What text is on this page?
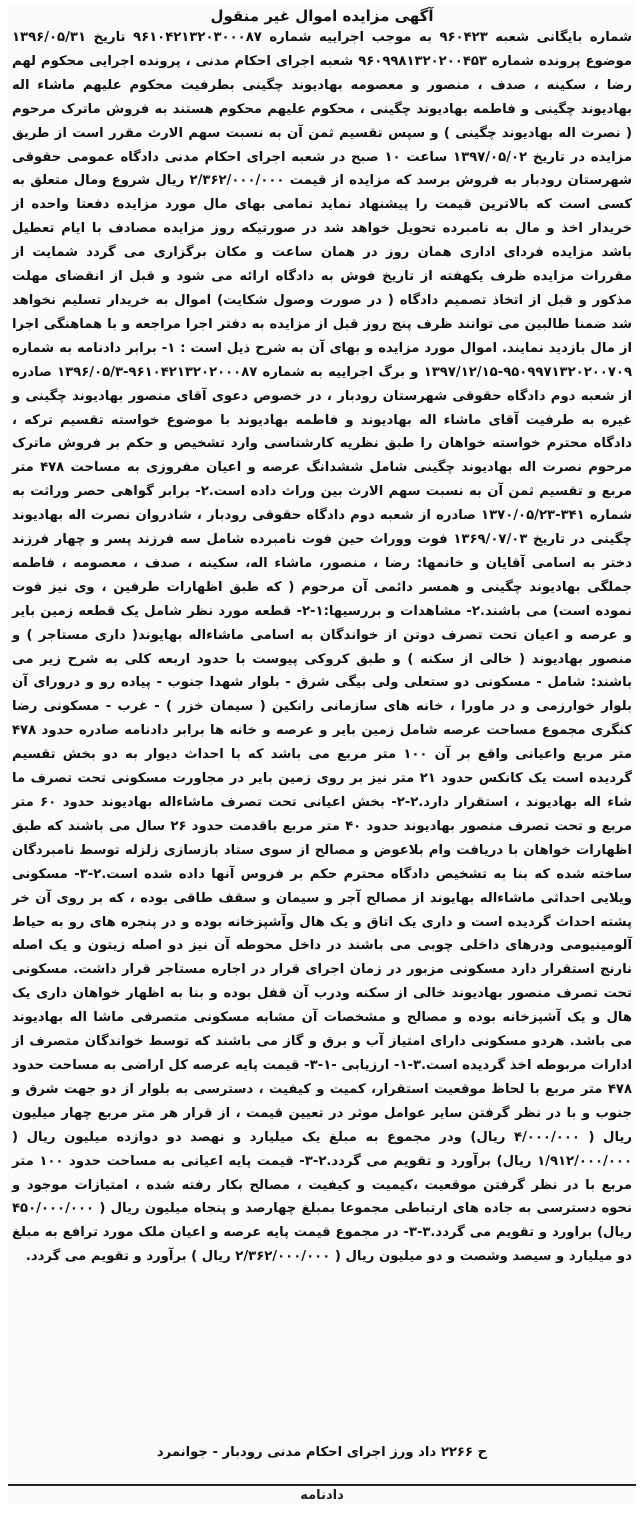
آگهی مزایده اموال غیر منقول
شماره بایگانی شعبه ۹۶۰۴۲۳ به موجب اجراییه شماره ۹۶۱۰۴۲۱۳۲۰۳۰۰۰۸۷ تاریخ ۱۳۹۶/۰۵/۳۱ موضوع پرونده شماره ۹۶۰۹۹۸۱۳۲۰۲۰۰۴۵۳ شعبه اجرای احکام مدنی ، پرونده اجرایی محکوم لهم رضا ، سکینه ، صدف ، منصور و معصومه بهادیوند چگینی بطرفیت محکوم علیهم ماشاء اله بهادیوند چگینی و فاطمه بهادیوند چگینی ، محکوم علیهم محکوم هستند به فروش ماترک مرحوم ( نصرت اله بهادیوند چگینی ) و سپس تقسیم ثمن آن به نسبت سهم الارث مقرر است از طریق مزایده در تاریخ ۱۳۹۷/۰۵/۰۲ ساعت ۱۰ صبح در شعبه اجرای احکام مدنی دادگاه عمومی حقوقی شهرستان رودبار به فروش برسد که مزایده از قیمت ۲/۳۶۲/۰۰۰/۰۰۰ ریال شروع ومال متعلق به کسی است که بالاترین قیمت را پیشنهاد نماید تمامی بهای مال مورد مزایده دفعتا واحده از خریدار اخذ و مال به نامبرده تحویل خواهد شد در صورتیکه روز مزایده مصادف با ایام تعطیل باشد مزایده فردای اداری همان روز در همان ساعت و مکان برگزاری می گردد شمایت از مقررات مزایده ظرف یکهفته از تاریخ فوش به دادگاه ارائه می شود و قبل از انقضای مهلت مذکور و قبل از اتخاذ تصمیم دادگاه ( در صورت وصول شکایت) اموال به خریدار تسلیم نخواهد شد ضمنا طالبین می توانند ظرف پنج روز قبل از مزایده به دفتر اجرا مراجعه و با هماهنگی اجرا از مال بازدید نمایند. اموال مورد مزایده و بهای آن به شرح ذیل است : ۱- برابر دادنامه به شماره ۹۵۰۹۹۷۱۳۲۰۲۰۰۷۰۹-۱۳۹۷/۱۲/۱۵ و برگ اجراییه به شماره ۹۶۱۰۴۲۱۳۲۰۲۰۰۰۸۷-۱۳۹۶/۰۵/۳ صادره از شعبه دوم دادگاه حقوقی شهرستان رودبار ، در خصوص دعوی آقای منصور بهادیوند چگینی و غیره به طرفیت آقای ماشاء اله بهادیوند و فاطمه بهادیوند با موضوع خواسته تقسیم ترکه ، دادگاه محترم خواسته خواهان را طبق نظریه کارشناسی وارد تشخیص و حکم بر فروش ماترک مرحوم نصرت اله بهادیوند چگینی شامل ششدانگ عرصه و اعیان مفروزی به مساحت ۴۷۸ متر مربع و تقسیم ثمن آن به نسبت سهم الارث بین وراث داده است.۲- برابر گواهی حصر وراثت به شماره ۳۴۱-۱۳۷۰/۰۵/۲۳ صادره از شعبه دوم دادگاه حقوقی رودبار ، شادروان نصرت اله بهادیوند چگینی در تاریخ ۱۳۶۹/۰۷/۰۳ فوت ووراث حین فوت نامبرده شامل سه فرزند پسر و چهار فرزند دختر به اسامی آقایان و خانمها: رضا ، منصور، ماشاء اله، سکینه ، صدف ، معصومه ، فاطمه جملگی بهادیوند چگینی و همسر دائمی آن مرحوم ( که طبق اظهارات طرفین ، وی نیز فوت نموده است) می باشند.۲- مشاهدات و بررسیها:۱-۲- قطعه مورد نظر شامل یک قطعه زمین بایر و عرصه و اعیان تحت تصرف دوتن از خواندگان به اسامی ماشاءاله بهایوند( داری مستاجر ) و منصور بهادیوند ( خالی از سکنه ) و طبق کروکی پیوست با حدود اربعه کلی به شرح زیر می باشند: شامل - مسکونی دو ستعلی ولی بیگی شرق - بلوار شهدا جنوب - پیاده رو و درورای آن بلوار خوارزمی و در ماورا ، خانه های سازمانی رانکین ( سیمان خزر ) - غرب - مسکونی رضا کنگری مجموع مساحت عرصه شامل زمین بایر و عرصه و خانه ها برابر دادنامه صادره حدود ۴۷۸ متر مربع واعیانی واقع بر آن ۱۰۰ متر مربع می باشد که با احداث دیوار به دو بخش تقسیم گردیده است یک کانکس حدود ۲۱ متر نیز بر روی زمین بایر در مجاورت مسکونی تحت تصرف ما شاء اله بهادیوند ، استقرار دارد.۲-۲- بخش اعیانی تحت تصرف ماشاءاله بهادیوند حدود ۶۰ متر مربع و تحت تصرف منصور بهادیوند حدود ۴۰ متر مربع باقدمت حدود ۲۶ سال می باشند که طبق اظهارات خواهان با دریافت وام بلاعوض و مصالح از سوی ستاد بازسازی زلزله توسط نامبردگان ساخته شده که بنا به تشخیص دادگاه محترم حکم بر فروس آنها داده شده است.۲-۳- مسکونی ویلایی احداثی ماشاءاله بهایوند از مصالح آجر و سیمان و سقف طاقی بوده ، که بر روی آن خر پشته احداث گردیده است و داری یک اتاق و یک هال وآشپزخانه بوده و در پنجره های رو به حیاط آلومینیومی ودرهای داخلی چوبی می باشند در داخل محوطه آن نیز دو اصله زیتون و یک اصله نارنج استقرار دارد مسکونی مزبور در زمان اجرای قرار در اجاره مستاجر قرار داشت. مسکونی تحت تصرف منصور بهادیوند خالی از سکنه ودرب آن قفل بوده و بنا به اظهار خواهان داری یک هال و یک آشپزخانه بوده و مصالح و مشخصات آن مشابه مسکونی متصرفی ماشا اله بهادیوند می باشد. هردو مسکونی دارای امتیاز آب و برق و گاز می باشند که توسط خواندگان متصرف از ادارات مربوطه اخذ گردیده است.۳-۱- ارزیابی -۱-۳- قیمت پایه عرصه کل اراضی به مساحت حدود ۴۷۸ متر مربع با لحاظ موقعیت استقرار، کمیت و کیفیت ، دسترسی به بلوار از دو جهت شرق و جنوب و با در نظر گرفتن سایر عوامل موثر در تعیین قیمت ، از قرار هر متر مربع چهار میلیون ریال ( ۴/۰۰۰/۰۰۰ ریال) ودر مجموع به مبلغ یک میلیارد و نهصد دو دوازده میلیون ریال ( ۱/۹۱۲/۰۰۰/۰۰۰ ریال) برآورد و تقویم می گردد.۲-۳- قیمت پایه اعیانی به مساحت حدود ۱۰۰ متر مربع با در نظر گرفتن موقعیت ،کیمیت و کیفیت ، مصالح بکار رفته شده ، امتیازات موجود و نحوه دسترسی به جاده های ارتباطی مجموعا بمبلغ چهارصد و پنجاه میلیون ریال ( ۴۵۰/۰۰۰/۰۰۰ ریال) براورد و تقویم می گردد.۳-۳- در مجموع قیمت پایه عرصه و اعیان ملک مورد ترافع به مبلغ دو میلیارد و سیصد وشصت و دو میلیون ریال ( ۲/۳۶۲/۰۰۰/۰۰۰ ریال ) برآورد و تقویم می گردد.
ح ۲۲۶۶ داد ورز اجرای احکام مدنی رودبار - جوانمرد
دادنامه
